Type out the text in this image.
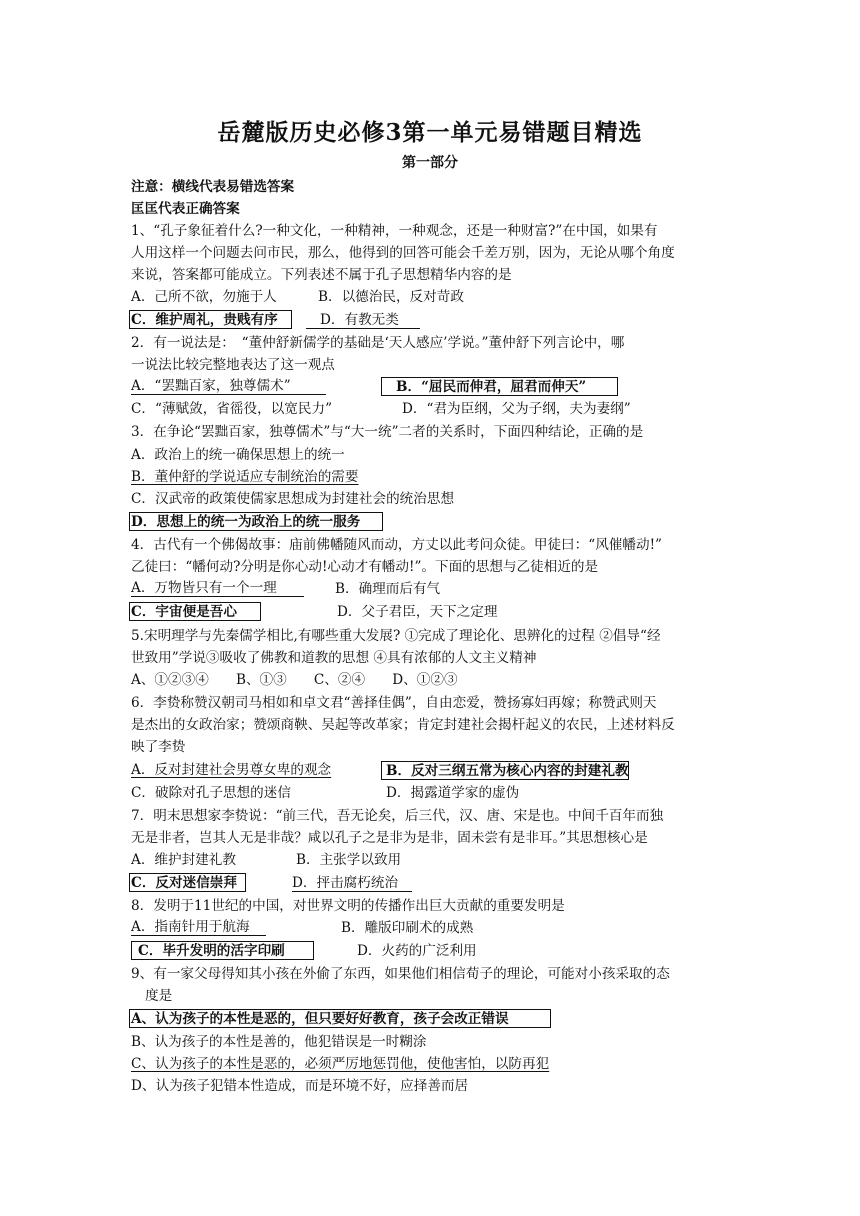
岳麓版历史必修3第一单元易错题目精选
第一部分
注意：横线代表易错选答案
匡匡代表正确答案
1、“孔子象征着什么?一种文化，一种精神，一种观念，还是一种财富?”在中国，如果有
人用这样一个问题去问市民，那么，他得到的回答可能会千差万别，因为，无论从哪个角度
来说，答案都可能成立。下列表述不属于孔子思想精华内容的是
A．己所不欲，勿施于人	B．以德治民，反对苛政
C．维护周礼，贵贱有序	D．有教无类
2．有一说法是：　“董仲舒新儒学的基础是‘天人感应’学说。”董仲舒下列言论中，哪
一说法比较完整地表达了这一观点
A．“罢黜百家，独尊儒术”	B．“屈民而伸君，屈君而伸天”
C．“薄赋敛，省徭役，以宽民力”	D．“君为臣纲，父为子纲，夫为妻纲”
3．在争论“罢黜百家，独尊儒术”与“大一统”二者的关系时，下面四种结论，正确的是
A．政治上的统一确保思想上的统一
B．董仲舒的学说适应专制统治的需要
C．汉武帝的政策使儒家思想成为封建社会的统治思想
D．思想上的统一为政治上的统一服务
4．古代有一个佛偈故事：庙前佛幡随风而动，方丈以此考问众徒。甲徒曰：“风催幡动!”
乙徒曰：“幡何动?分明是你心动!心动才有幡动!”。下面的思想与乙徒相近的是
A．万物皆只有一个一理	B．确理而后有气
C．宇宙便是吾心	D．父子君臣，天下之定理
5.宋明理学与先秦儒学相比,有哪些重大发展? ①完成了理论化、思辨化的过程 ②倡导“经
世致用”学说③吸收了佛教和道教的思想 ④具有浓郁的人文主义精神
A、①②③④　　B、①③　　C、②④　　D、①②③
6．李贽称赞汉朝司马相如和卓文君“善择佳偶”，自由恋爱，赞扬寡妇再嫁；称赞武则天
是杰出的女政治家；赞颂商鞅、吴起等改革家；肯定封建社会揭杆起义的农民，上述材料反
映了李贽
A．反对封建社会男尊女卑的观念	B．反对三纲五常为核心内容的封建礼教
C．破除对孔子思想的迷信	D．揭露道学家的虚伪
7．明末思想家李贽说：“前三代，吾无论矣，后三代，汉、唐、宋是也。中间千百年而独
无是非者，岂其人无是非哉？咸以孔子之是非为是非，固未尝有是非耳。”其思想核心是
A．维护封建礼教	B．主张学以致用
C．反对迷信崇拜	D．抨击腐朽统治
8．发明于11世纪的中国，对世界文明的传播作出巨大贡献的重要发明是
A．指南针用于航海	B．雕版印刷术的成熟
C．毕升发明的活字印刷	D．火药的广泛利用
9、有一家父母得知其小孩在外偷了东西，如果他们相信荀子的理论，可能对小孩采取的态
度是
A、认为孩子的本性是恶的，但只要好好教育，孩子会改正错误
B、认为孩子的本性是善的，他犯错误是一时糊涂
C、认为孩子的本性是恶的，必须严厉地惩罚他，使他害怕，以防再犯
D、认为孩子犯错本性造成，而是环境不好，应择善而居
